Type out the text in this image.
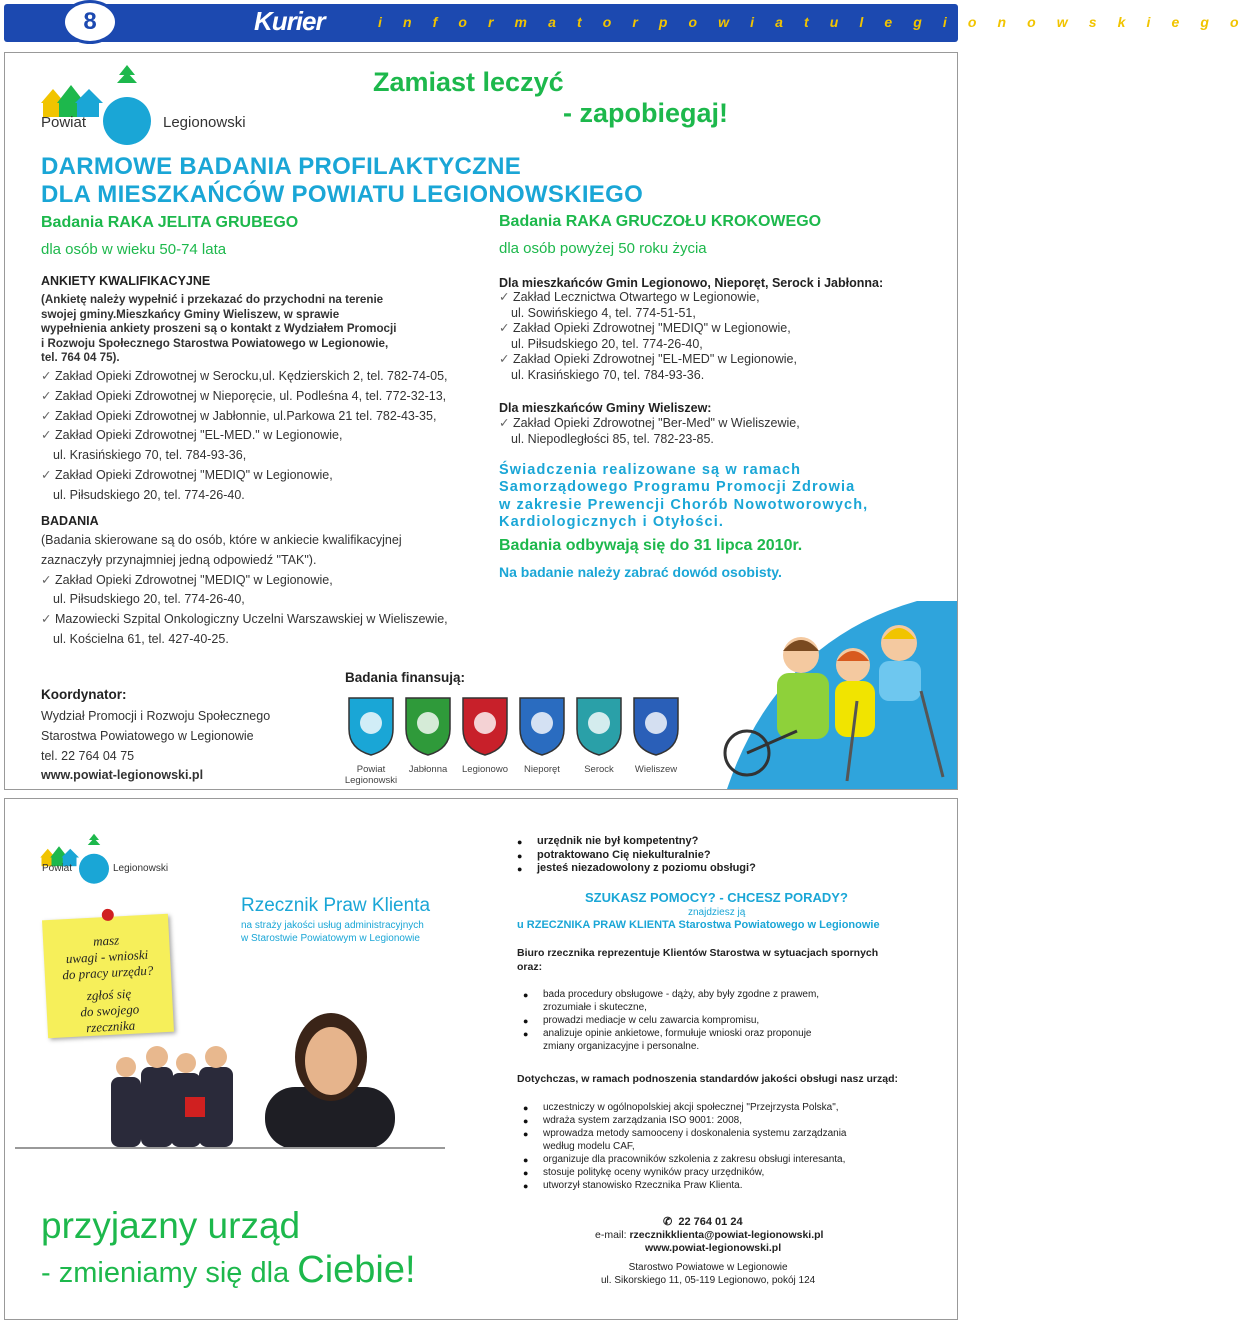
8	Kurier	i n f o r m a t o r p o w i a t u l e g i o n o w s k i e g o
Powiat	Legionowski
Zamiast leczyć
- zapobiegaj!
DARMOWE BADANIA PROFILAKTYCZNE
DLA MIESZKAŃCÓW POWIATU LEGIONOWSKIEGO
Badania RAKA JELITA GRUBEGO
dla osób w wieku 50-74 lata
Badania RAKA GRUCZOŁU KROKOWEGO
dla osób powyżej 50 roku życia
ANKIETY KWALIFIKACYJNE
(Ankietę należy wypełnić i przekazać do przychodni na terenie
swojej gminy.Mieszkańcy Gminy Wieliszew, w sprawie
wypełnienia ankiety proszeni są o kontakt z Wydziałem Promocji
i Rozwoju Społecznego Starostwa Powiatowego w Legionowie,
tel. 764 04 75).
✓ Zakład Opieki Zdrowotnej w Serocku,ul. Kędzierskich 2, tel. 782-74-05,
✓ Zakład Opieki Zdrowotnej w Nieporęcie, ul. Podleśna 4, tel. 772-32-13,
✓ Zakład Opieki Zdrowotnej w Jabłonnie, ul.Parkowa 21 tel. 782-43-35,
✓ Zakład Opieki Zdrowotnej "EL-MED." w Legionowie,
ul. Krasińskiego 70, tel. 784-93-36,
✓ Zakład Opieki Zdrowotnej "MEDIQ" w Legionowie,
ul. Piłsudskiego 20, tel. 774-26-40.
BADANIA
(Badania skierowane są do osób, które w ankiecie kwalifikacyjnej
zaznaczyły przynajmniej jedną odpowiedź "TAK").
✓ Zakład Opieki Zdrowotnej "MEDIQ" w Legionowie,
ul. Piłsudskiego 20, tel. 774-26-40,
✓ Mazowiecki Szpital Onkologiczny Uczelni Warszawskiej w Wieliszewie,
ul. Kościelna 61, tel. 427-40-25.
Dla mieszkańców Gmin Legionowo, Nieporęt, Serock i Jabłonna:
✓ Zakład Lecznictwa Otwartego w Legionowie,
ul. Sowińskiego 4, tel. 774-51-51,
✓ Zakład Opieki Zdrowotnej "MEDIQ" w Legionowie,
ul. Piłsudskiego 20, tel. 774-26-40,
✓ Zakład Opieki Zdrowotnej "EL-MED" w Legionowie,
ul. Krasińskiego 70, tel. 784-93-36.
Dla mieszkańców Gminy Wieliszew:
✓ Zakład Opieki Zdrowotnej "Ber-Med" w Wieliszewie,
ul. Niepodległości 85, tel. 782-23-85.
Świadczenia realizowane są w ramach
Samorządowego Programu Promocji Zdrowia
w zakresie Prewencji Chorób Nowotworowych,
Kardiologicznych i Otyłości.
Badania odbywają się do 31 lipca 2010r.
Na badanie należy zabrać dowód osobisty.
Koordynator:
Wydział Promocji i Rozwoju Społecznego
Starostwa Powiatowego w Legionowie
tel. 22 764 04 75
www.powiat-legionowski.pl
Badania finansują:
Powiat
Legionowski
Jabłonna	Legionowo	Nieporęt	Serock	Wieliszew
Powiat	Legionowski
masz
uwagi - wnioski
do pracy urzędu?
zgłoś się
do swojego
rzecznika
Rzecznik Praw Klienta
na straży jakości usług administracyjnych
w Starostwie Powiatowym w Legionowie
● urzędnik nie był kompetentny?
● potraktowano Cię niekulturalnie?
● jesteś niezadowolony z poziomu obsługi?
SZUKASZ POMOCY? - CHCESZ PORADY?
znajdziesz ją
u RZECZNIKA PRAW KLIENTA Starostwa Powiatowego w Legionowie
Biuro rzecznika reprezentuje Klientów Starostwa w sytuacjach spornych
oraz:
● bada procedury obsługowe - dąży, aby były zgodne z prawem,
zrozumiałe i skuteczne,
● prowadzi mediacje w celu zawarcia kompromisu,
● analizuje opinie ankietowe, formułuje wnioski oraz proponuje
zmiany organizacyjne i personalne.
Dotychczas, w ramach podnoszenia standardów jakości obsługi nasz urząd:
● uczestniczy w ogólnopolskiej akcji społecznej "Przejrzysta Polska",
● wdraża system zarządzania ISO 9001: 2008,
● wprowadza metody samooceny i doskonalenia systemu zarządzania
według modelu CAF,
● organizuje dla pracowników szkolenia z zakresu obsługi interesanta,
● stosuje politykę oceny wyników pracy urzędników,
● utworzył stanowisko Rzecznika Praw Klienta.
✆ 22 764 01 24
e-mail: rzecznikklienta@powiat-legionowski.pl
www.powiat-legionowski.pl
Starostwo Powiatowe w Legionowie
ul. Sikorskiego 11, 05-119 Legionowo, pokój 124
przyjazny urząd
- zmieniamy się dla Ciebie!
